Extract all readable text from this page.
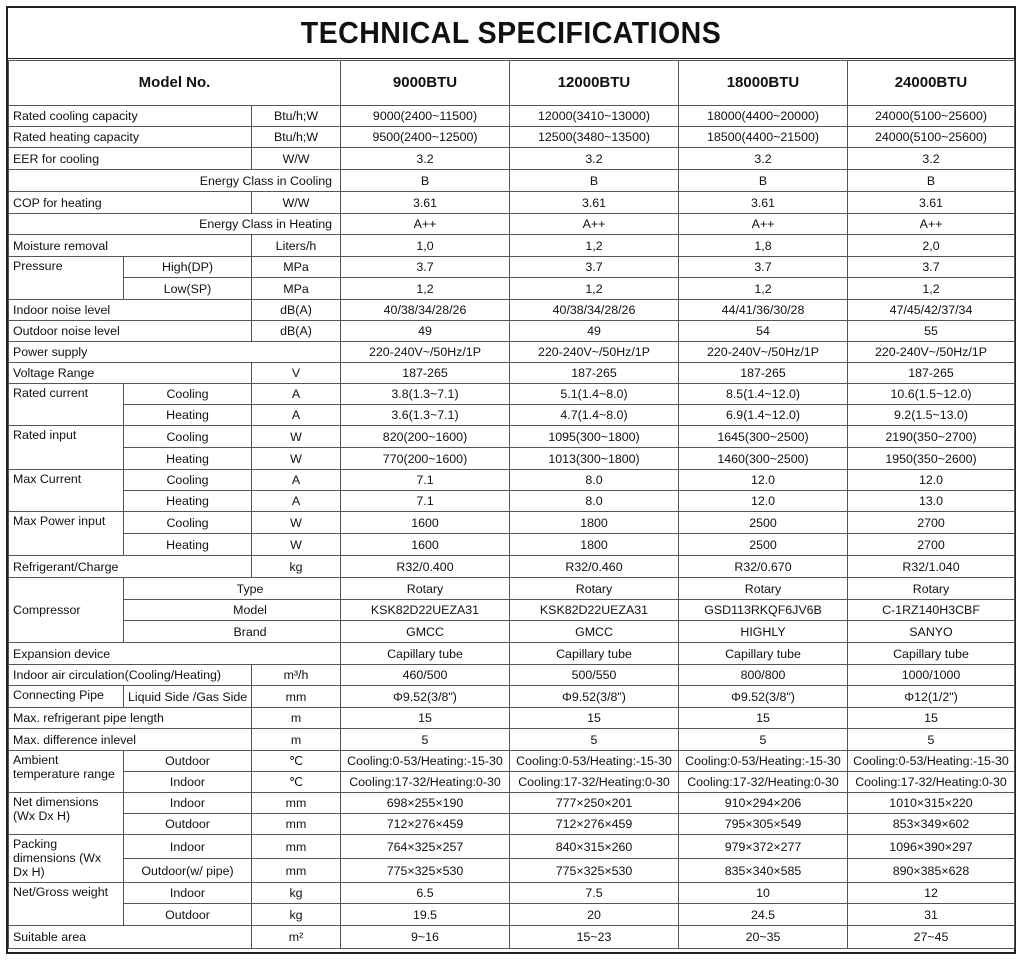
TECHNICAL SPECIFICATIONS
Model No.			9000BTU	12000BTU	18000BTU	24000BTU
Rated cooling capacity		Btu/h;W	9000(2400~11500)	12000(3410~13000)	18000(4400~20000)	24000(5100~25600)
Rated heating capacity		Btu/h;W	9500(2400~12500)	12500(3480~13500)	18500(4400~21500)	24000(5100~25600)
EER for cooling		W/W	3.2	3.2	3.2	3.2
Energy Class in Cooling			B	B	B	B
COP for heating		W/W	3.61	3.61	3.61	3.61
Energy Class in Heating			A++	A++	A++	A++
Moisture removal		Liters/h	1,0	1,2	1,8	2,0
Pressure	High(DP)	MPa	3.7	3.7	3.7	3.7
	Low(SP)	MPa	1,2	1,2	1,2	1,2
Indoor noise level		dB(A)	40/38/34/28/26	40/38/34/28/26	44/41/36/30/28	47/45/42/37/34
Outdoor noise level		dB(A)	49	49	54	55
Power supply			220-240V~/50Hz/1P	220-240V~/50Hz/1P	220-240V~/50Hz/1P	220-240V~/50Hz/1P
Voltage Range		V	187-265	187-265	187-265	187-265
Rated current	Cooling	A	3.8(1.3~7.1)	5.1(1.4~8.0)	8.5(1.4~12.0)	10.6(1.5~12.0)
	Heating	A	3.6(1.3~7.1)	4.7(1.4~8.0)	6.9(1.4~12.0)	9.2(1.5~13.0)
Rated input	Cooling	W	820(200~1600)	1095(300~1800)	1645(300~2500)	2190(350~2700)
	Heating	W	770(200~1600)	1013(300~1800)	1460(300~2500)	1950(350~2600)
Max Current	Cooling	A	7.1	8.0	12.0	12.0
	Heating	A	7.1	8.0	12.0	13.0
Max Power input	Cooling	W	1600	1800	2500	2700
	Heating	W	1600	1800	2500	2700
Refrigerant/Charge		kg	R32/0.400	R32/0.460	R32/0.670	R32/1.040
Compressor	Type		Rotary	Rotary	Rotary	Rotary
	Model		KSK82D22UEZA31	KSK82D22UEZA31	GSD113RKQF6JV6B	C-1RZ140H3CBF
	Brand		GMCC	GMCC	HIGHLY	SANYO
Expansion device			Capillary tube	Capillary tube	Capillary tube	Capillary tube
Indoor air circulation(Cooling/Heating)		m³/h	460/500	500/550	800/800	1000/1000
Connecting Pipe	Liquid Side /Gas Side	mm	Φ9.52(3/8")	Φ9.52(3/8")	Φ9.52(3/8")	Φ12(1/2")
Max. refrigerant pipe length		m	15	15	15	15
Max. difference inlevel		m	5	5	5	5
Ambient temperature range	Outdoor	℃	Cooling:0-53/Heating:-15-30	Cooling:0-53/Heating:-15-30	Cooling:0-53/Heating:-15-30	Cooling:0-53/Heating:-15-30
	Indoor	℃	Cooling:17-32/Heating:0-30	Cooling:17-32/Heating:0-30	Cooling:17-32/Heating:0-30	Cooling:17-32/Heating:0-30
Net dimensions (Wx Dx H)	Indoor	mm	698×255×190	777×250×201	910×294×206	1010×315×220
	Outdoor	mm	712×276×459	712×276×459	795×305×549	853×349×602
Packing dimensions (Wx Dx H)	Indoor	mm	764×325×257	840×315×260	979×372×277	1096×390×297
	Outdoor(w/ pipe)	mm	775×325×530	775×325×530	835×340×585	890×385×628
Net/Gross weight	Indoor	kg	6.5	7.5	10	12
	Outdoor	kg	19.5	20	24.5	31
Suitable area		m²	9~16	15~23	20~35	27~45
